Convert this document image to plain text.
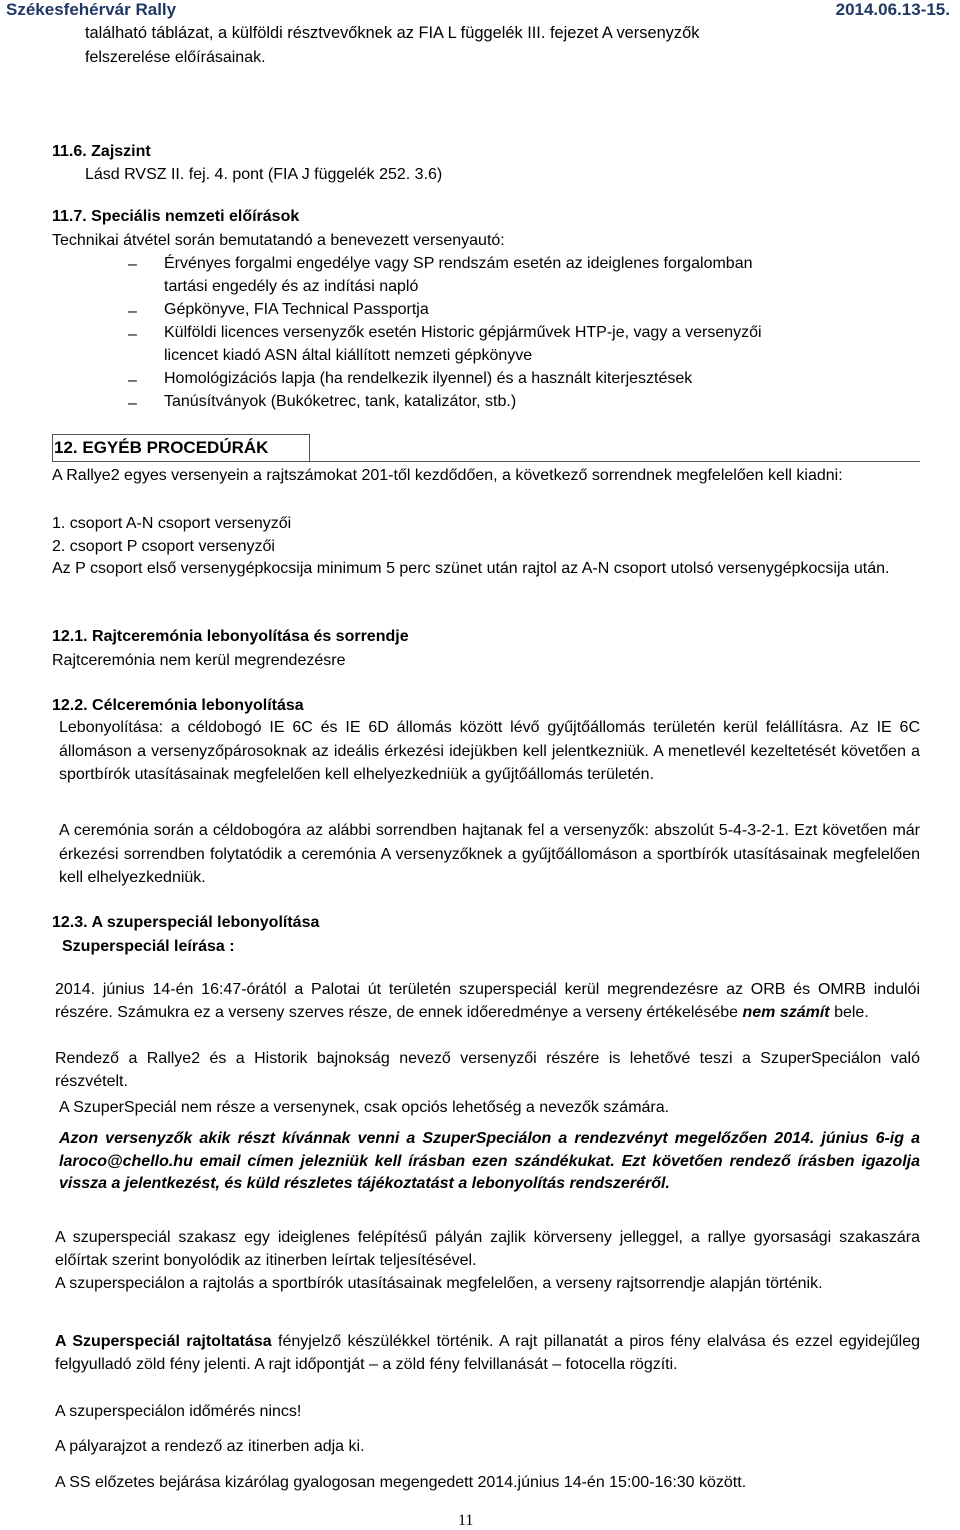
Székesfehérvár Rally	2014.06.13-15.
található táblázat, a külföldi résztvevőknek az FIA L függelék III. fejezet A versenyzők
felszerelése előírásainak.
11.6. Zajszint
Lásd RVSZ II. fej. 4. pont (FIA J függelék 252. 3.6)
11.7. Speciális nemzeti előírások
Technikai átvétel során bemutatandó a benevezett versenyautó:
– Érvényes forgalmi engedélye vagy SP rendszám esetén az ideiglenes forgalomban
tartási engedély és az indítási napló
– Gépkönyve, FIA Technical Passportja
– Külföldi licences versenyzők esetén Historic gépjárművek HTP-je, vagy a versenyzői
licencet kiadó ASN által kiállított nemzeti gépkönyve
– Homológizációs lapja (ha rendelkezik ilyennel) és a használt kiterjesztések
– Tanúsítványok (Bukóketrec, tank, katalizátor, stb.)
12. EGYÉB PROCEDÚRÁK
A Rallye2 egyes versenyein a rajtszámokat 201-től kezdődően, a következő sorrendnek megfelelően kell kiadni:
1. csoport A-N csoport versenyzői
2. csoport P csoport versenyzői
Az P csoport első versenygépkocsija minimum 5 perc szünet után rajtol az A-N csoport utolsó versenygépkocsija után.
12.1. Rajtceremónia lebonyolítása és sorrendje
Rajtceremónia nem kerül megrendezésre
12.2. Célceremónia lebonyolítása
Lebonyolítása: a céldobogó IE 6C és IE 6D állomás között lévő gyűjtőállomás területén kerül felállításra. Az IE 6C állomáson a versenyzőpárosoknak az ideális érkezési idejükben kell jelentkezniük. A menetlevél kezeltetését követően a sportbírók utasításainak megfelelően kell elhelyezkedniük a gyűjtőállomás területén.
A ceremónia során a céldobogóra az alábbi sorrendben hajtanak fel a versenyzők: abszolút 5-4-3-2-1. Ezt követően már érkezési sorrendben folytatódik a ceremónia A versenyzőknek a gyűjtőállomáson a sportbírók utasításainak megfelelően kell elhelyezkedniük.
12.3. A szuperspeciál lebonyolítása
Szuperspeciál leírása :
2014. június 14-én 16:47-órától a Palotai út területén szuperspeciál kerül megrendezésre az ORB és OMRB indulói részére. Számukra ez a verseny szerves része, de ennek időeredménye a verseny értékelésébe nem számít bele.
Rendező a Rallye2 és a Historik bajnokság nevező versenyzői részére is lehetővé teszi a SzuperSpeciálon való részvételt.
A SzuperSpeciál nem része a versenynek, csak opciós lehetőség a nevezők számára.
Azon versenyzők akik részt kívánnak venni a SzuperSpeciálon a rendezvényt megelőzően 2014. június 6-ig a laroco@chello.hu email címen jelezniük kell írásban ezen szándékukat. Ezt követően rendező írásben igazolja vissza a jelentkezést, és küld részletes tájékoztatást a lebonyolítás rendszeréről.
A szuperspeciál szakasz egy ideiglenes felépítésű pályán zajlik körverseny jelleggel, a rallye gyorsasági szakaszára előírtak szerint bonyolódik az itinerben leírtak teljesítésével.
A szuperspeciálon a rajtolás a sportbírók utasításainak megfelelően, a verseny rajtsorrendje alapján történik.
A Szuperspeciál rajtoltatása fényjelző készülékkel történik. A rajt pillanatát a piros fény elalvása és ezzel egyidejűleg felgyulladó zöld fény jelenti. A rajt időpontját – a zöld fény felvillanását – fotocella rögzíti.
A szuperspeciálon időmérés nincs!
A pályarajzot a rendező az itinerben adja ki.
A SS előzetes bejárása kizárólag gyalogosan megengedett 2014.június 14-én 15:00-16:30 között.
11
